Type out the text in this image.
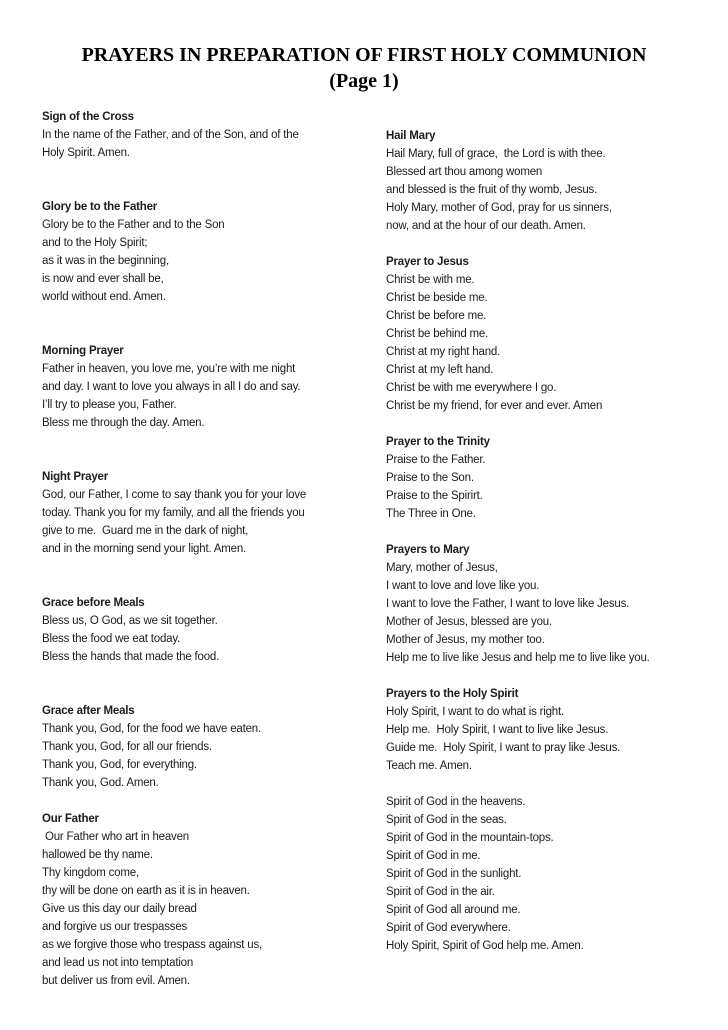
PRAYERS IN PREPARATION OF FIRST HOLY COMMUNION
(Page 1)
Sign of the Cross
In the name of the Father, and of the Son, and of the
Holy Spirit. Amen.
Glory be to the Father
Glory be to the Father and to the Son
and to the Holy Spirit;
as it was in the beginning,
is now and ever shall be,
world without end. Amen.
Morning Prayer
Father in heaven, you love me, you’re with me night
and day. I want to love you always in all I do and say.
I’ll try to please you, Father.
Bless me through the day. Amen.
Night Prayer
God, our Father, I come to say thank you for your love
today. Thank you for my family, and all the friends you
give to me.  Guard me in the dark of night,
and in the morning send your light. Amen.
Grace before Meals
Bless us, O God, as we sit together.
Bless the food we eat today.
Bless the hands that made the food.
Grace after Meals
Thank you, God, for the food we have eaten.
Thank you, God, for all our friends.
Thank you, God, for everything.
Thank you, God. Amen.
Our Father
Our Father who art in heaven
hallowed be thy name.
Thy kingdom come,
thy will be done on earth as it is in heaven.
Give us this day our daily bread
and forgive us our trespasses
as we forgive those who trespass against us,
and lead us not into temptation
but deliver us from evil. Amen.
Hail Mary
Hail Mary, full of grace,  the Lord is with thee.
Blessed art thou among women
and blessed is the fruit of thy womb, Jesus.
Holy Mary, mother of God, pray for us sinners,
now, and at the hour of our death. Amen.
Prayer to Jesus
Christ be with me.
Christ be beside me.
Christ be before me.
Christ be behind me.
Christ at my right hand.
Christ at my left hand.
Christ be with me everywhere I go.
Christ be my friend, for ever and ever. Amen
Prayer to the Trinity
Praise to the Father.
Praise to the Son.
Praise to the Spirirt.
The Three in One.
Prayers to Mary
Mary, mother of Jesus,
I want to love and love like you.
I want to love the Father, I want to love like Jesus.
Mother of Jesus, blessed are you.
Mother of Jesus, my mother too.
Help me to live like Jesus and help me to live like you.
Prayers to the Holy Spirit
Holy Spirit, I want to do what is right.
Help me.  Holy Spirit, I want to live like Jesus.
Guide me.  Holy Spirit, I want to pray like Jesus.
Teach me. Amen.
Spirit of God in the heavens.
Spirit of God in the seas.
Spirit of God in the mountain-tops.
Spirit of God in me.
Spirit of God in the sunlight.
Spirit of God in the air.
Spirit of God all around me.
Spirit of God everywhere.
Holy Spirit, Spirit of God help me. Amen.
